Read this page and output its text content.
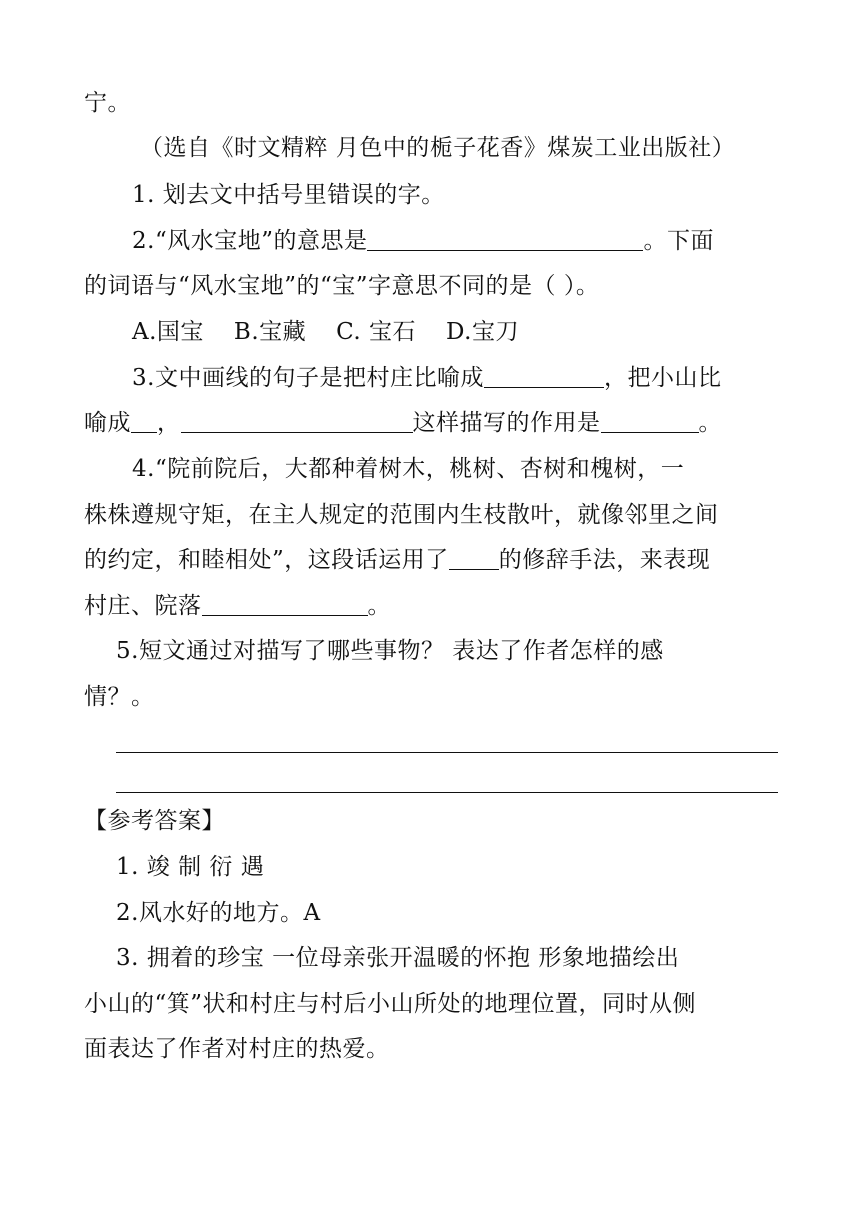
宁。
（选自《时文精粹 月色中的栀子花香》煤炭工业出版社）
1. 划去文中括号里错误的字。
2.“风水宝地”的意思是	。下面
的词语与“风水宝地”的“宝”字意思不同的是（ ）。
A.国宝 B.宝藏 C. 宝石 D.宝刀
3.文中画线的句子是把村庄比喻成	，把小山比
喻成 ，	这样描写的作用是	。
4.“院前院后，大都种着树木，桃树、杏树和槐树，一
株株遵规守矩，在主人规定的范围内生枝散叶，就像邻里之间
的约定，和睦相处”，这段话运用了 的修辞手法，来表现
村庄、院落	。
5.短文通过对描写了哪些事物？ 表达了作者怎样的感
情？。
【参考答案】
1. 竣 制 衍 遇
2.风水好的地方。A
3. 拥着的珍宝 一位母亲张开温暖的怀抱 形象地描绘出
小山的“箕”状和村庄与村后小山所处的地理位置，同时从侧
面表达了作者对村庄的热爱。
